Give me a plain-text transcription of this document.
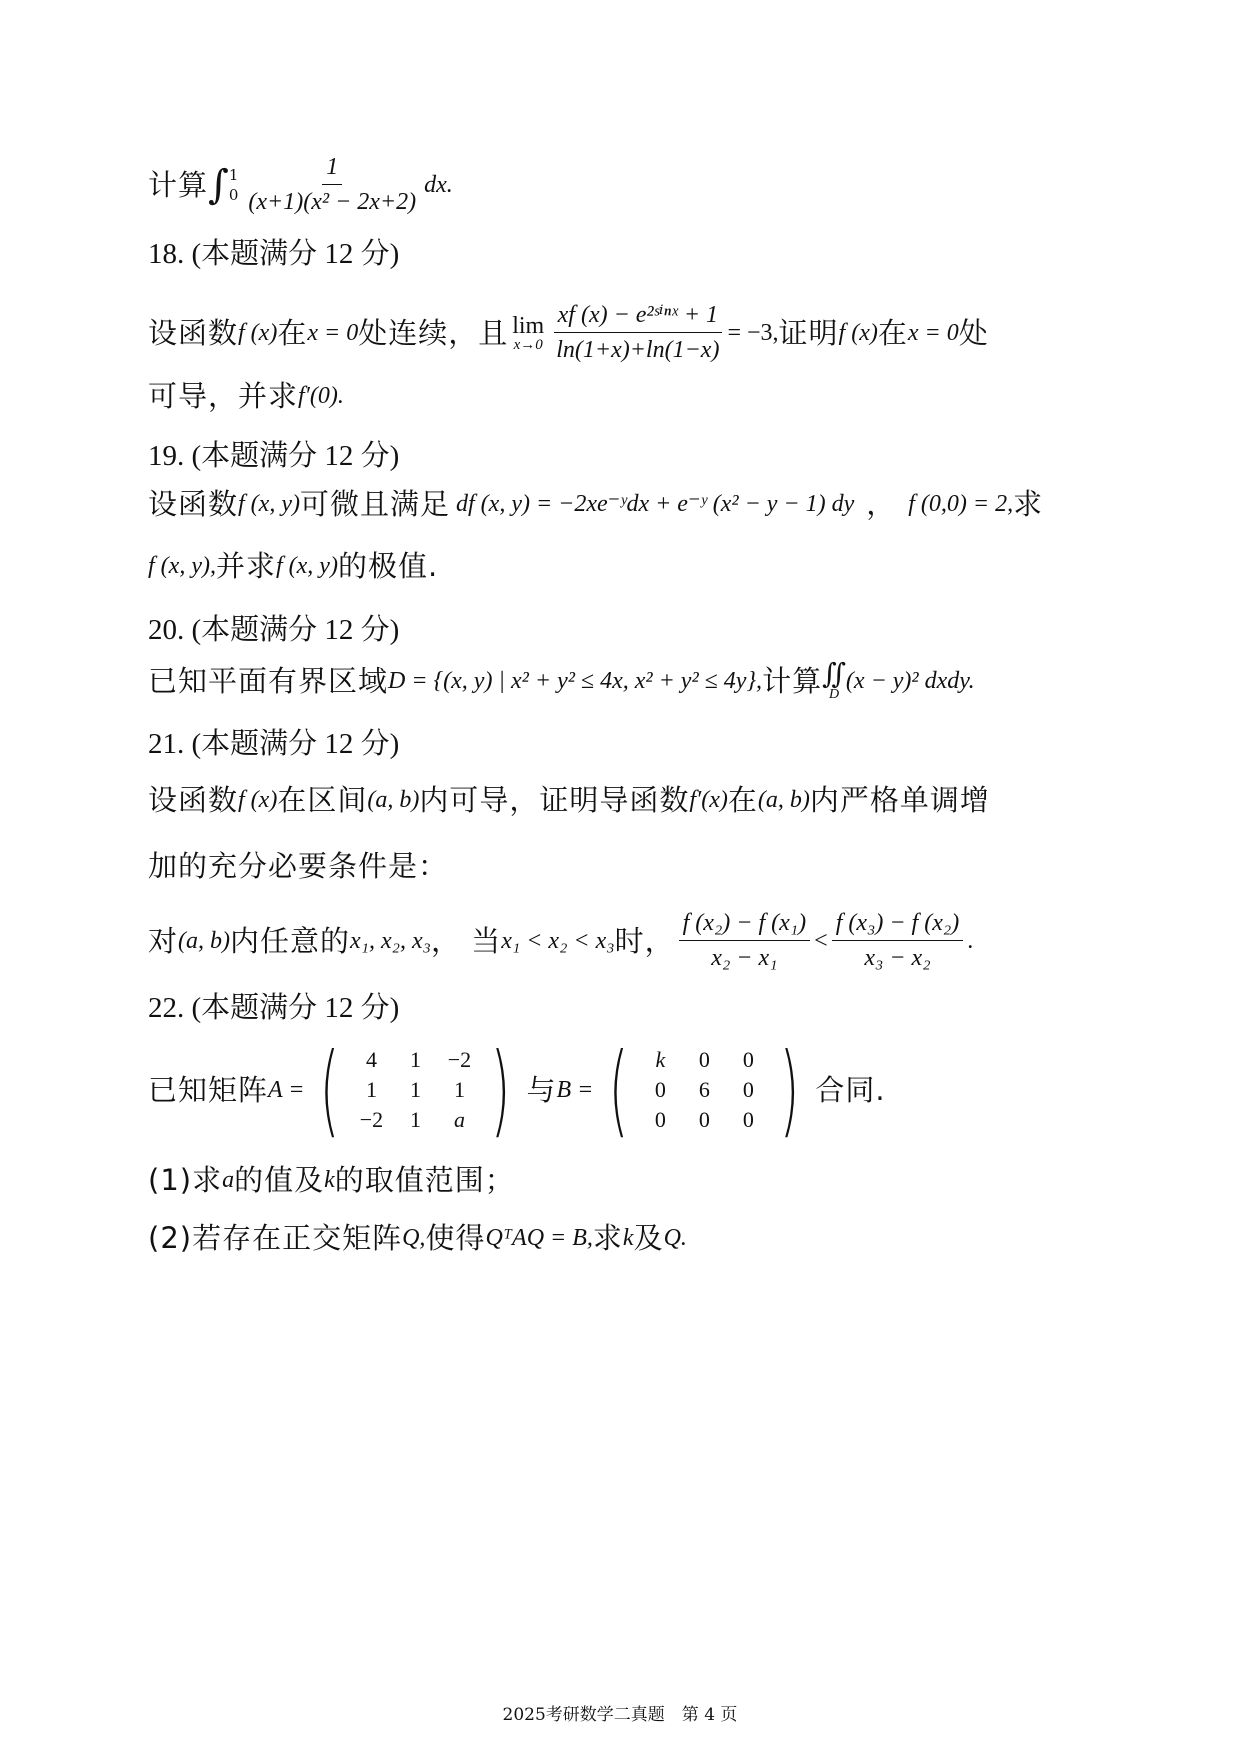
计算 ∫ 1
$0 \frac{1}{\text{(x+1)(x² − 2x+2)}}$ dx.
18. (本题满分 12 分)
设函数 f (x) 在 x = 0 处连续，且 lim
$x\to 0 \frac{\text{xf (x) − e²ˢⁱⁿˣ + 1}}{\ln(1+x)+\ln(1-x)} = -3$, 证明 f (x) 在 x = 0 处
可导，并求 f′(0).
19. (本题满分 12 分)
设函数 f (x, y) 可微且满足 df (x, y) = −2xe⁻ʸdx + e⁻ʸ (x² − y − 1) dy ， f (0,0) = 2, 求
f (x, y), 并求 f (x, y) 的极值.
20. (本题满分 12 分)
已知平面有界区域 D = {(x, y) | x² + y² ≤ 4x, x² + y² ≤ 4y}, 计算 ∬
D
(x − y)² dxdy.
21. (本题满分 12 分)
设函数 f (x) 在区间 (a, b) 内可导，证明导函数 f′(x) 在 (a, b) 内严格单调增
加的充分必要条件是：
对 (a, b) 内任意的 x₁, x₂, x₃ ， 当 x₁ < x₂ < x₃ 时， $\frac{\text{f (x₂) − f (x₁)}}{\text{x₂ − x₁}} < \frac{\text{f (x₃) − f (x₂)}}{\text{x₃ − x₂}}$ .
22. (本题满分 12 分)
已知矩阵 A = (	4	1	−2
1	1	1
−2	1	a ) 与 B = (	k	0	0
0	6	0
0	0	0 ) 合同.
(1)求 a 的值及 k 的取值范围；
(2)若存在正交矩阵 Q, 使得 QᵀAQ = B, 求 k 及 Q.
2025考研数学二真题　第 4 页
